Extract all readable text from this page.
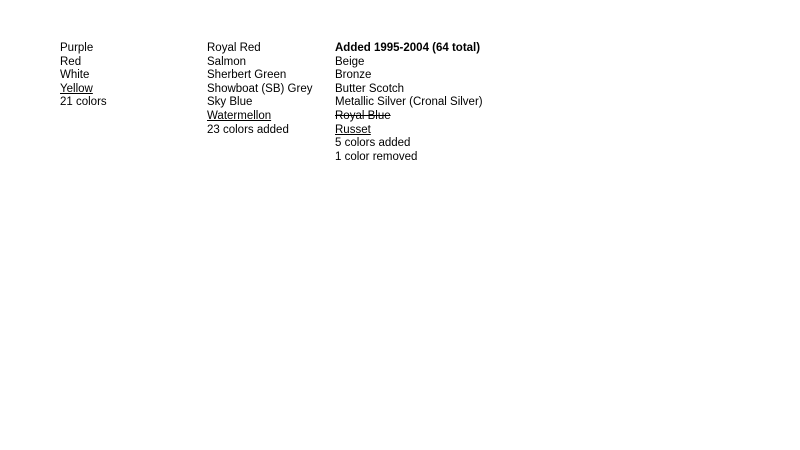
Purple
Red
White
Yellow
21 colors
Royal Red
Salmon
Sherbert Green
Showboat (SB) Grey
Sky Blue
Watermellon
23 colors added
Added 1995-2004 (64 total)
Beige
Bronze
Butter Scotch
Metallic Silver (Cronal Silver)
Royal Blue
Russet
5 colors added
1 color removed
